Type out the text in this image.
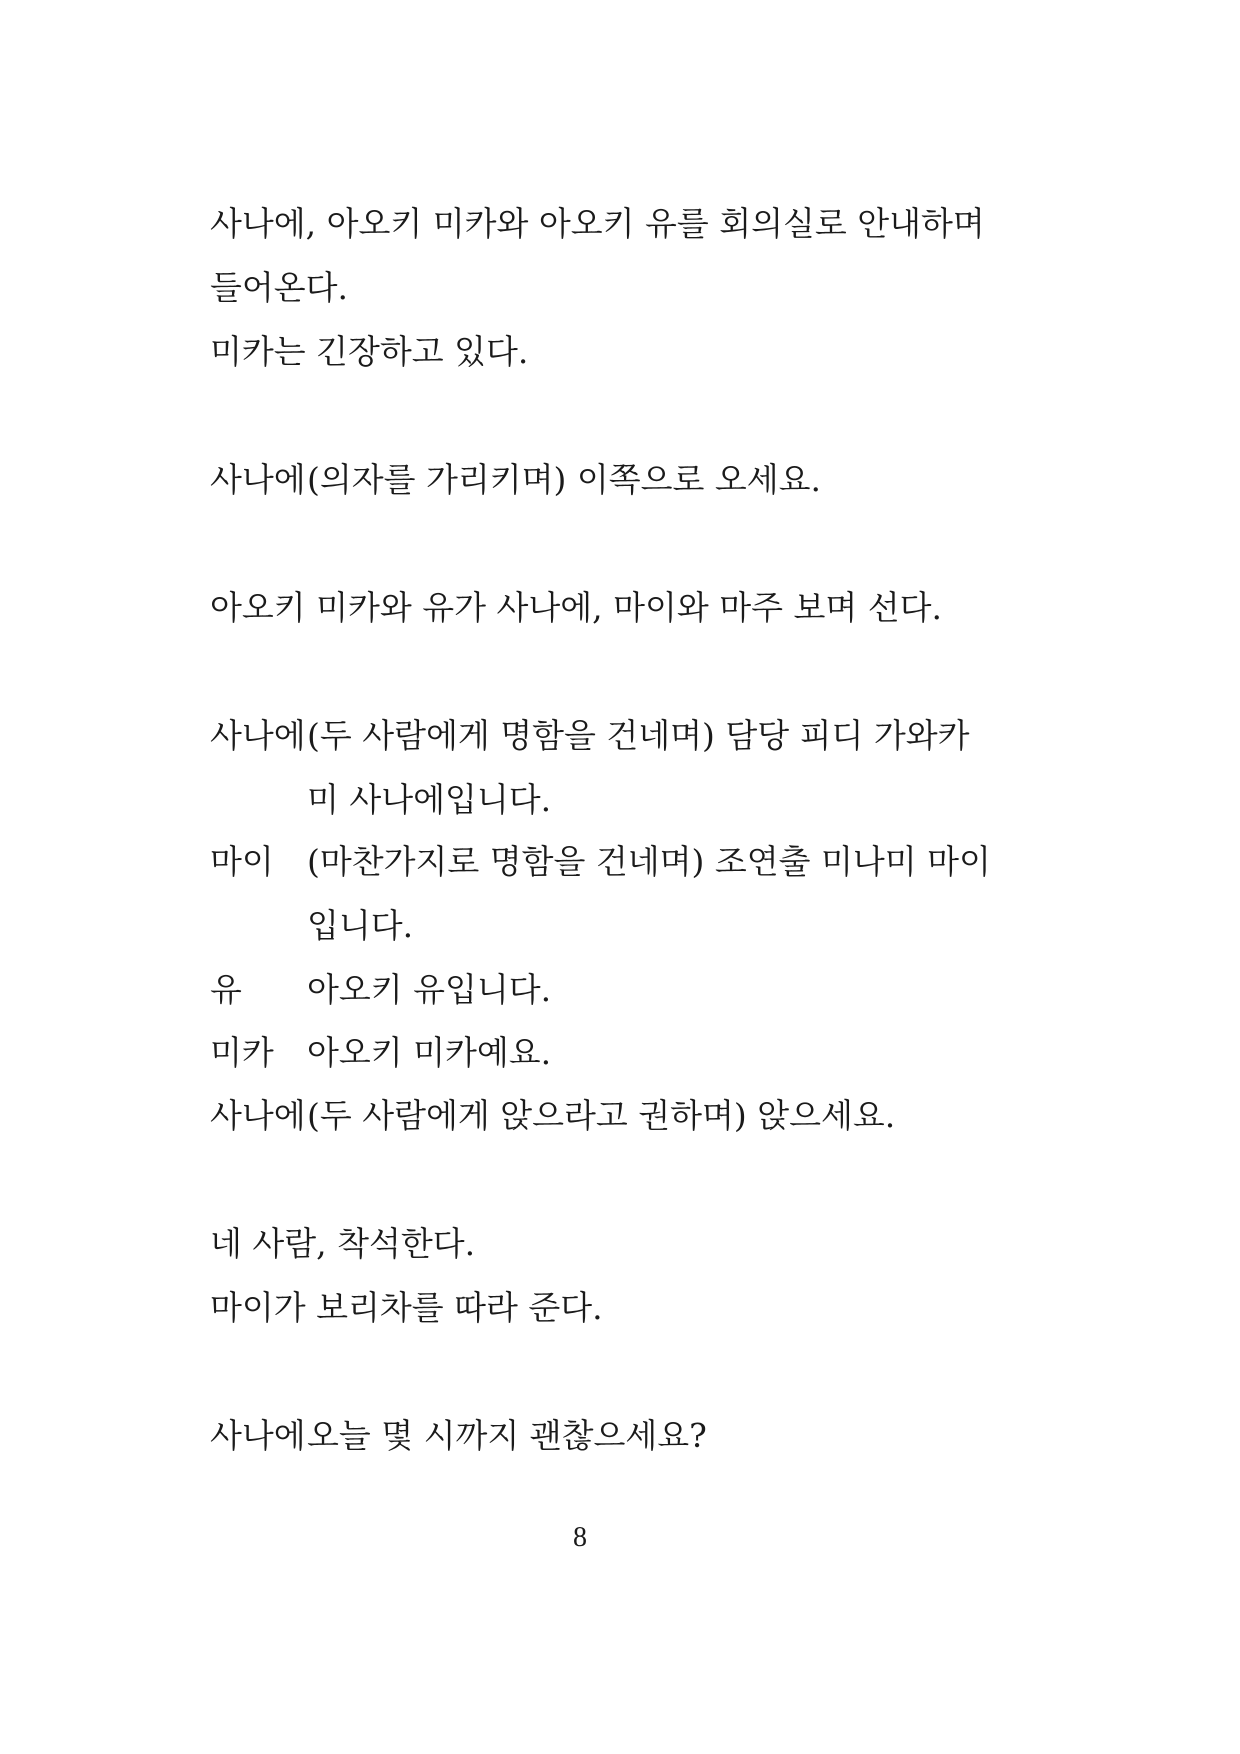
사나에, 아오키 미카와 아오키 유를 회의실로 안내하며
들어온다.
미카는 긴장하고 있다.
사나에 (의자를 가리키며) 이쪽으로 오세요.
아오키 미카와 유가 사나에, 마이와 마주 보며 선다.
사나에 (두 사람에게 명함을 건네며) 담당 피디 가와카
미 사나에입니다.
마이 (마찬가지로 명함을 건네며) 조연출 미나미 마이
입니다.
유 아오키 유입니다.
미카 아오키 미카예요.
사나에 (두 사람에게 앉으라고 권하며) 앉으세요.
네 사람, 착석한다.
마이가 보리차를 따라 준다.
사나에 오늘 몇 시까지 괜찮으세요?
8
